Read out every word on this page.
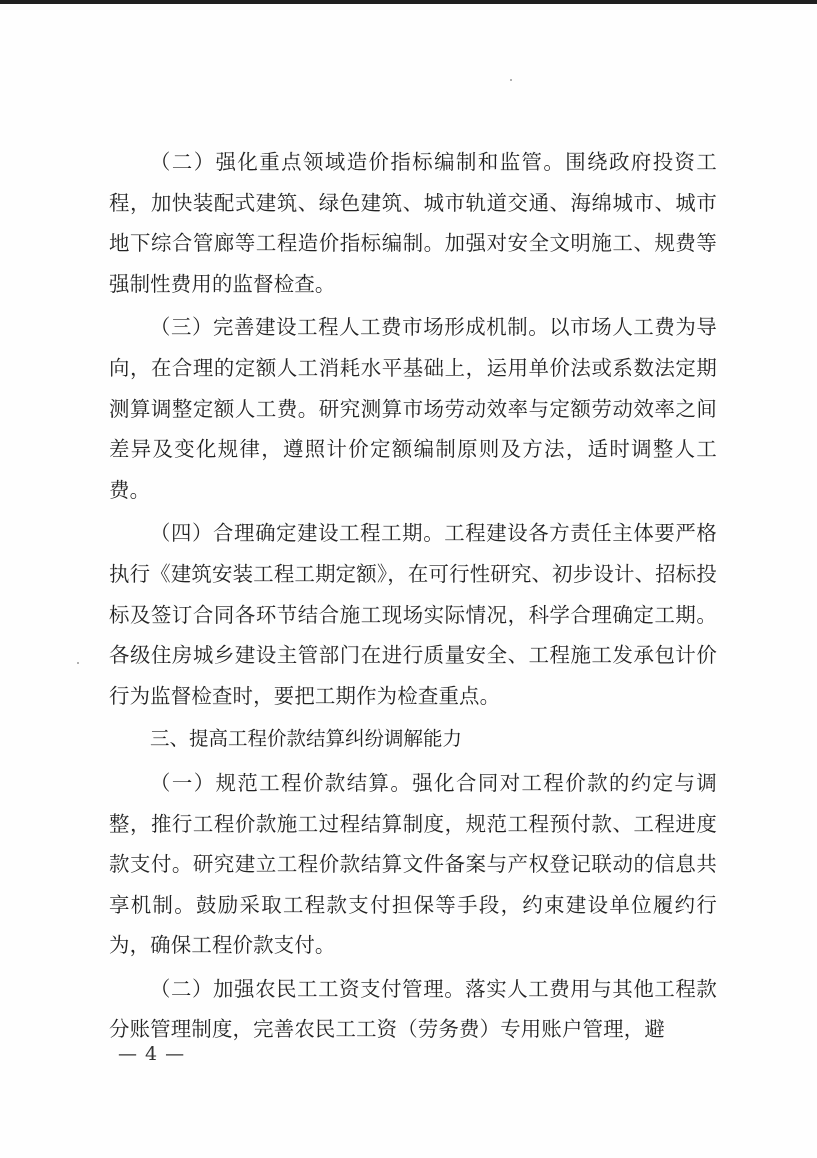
（二）强化重点领域造价指标编制和监管。围绕政府投资工程，加快装配式建筑、绿色建筑、城市轨道交通、海绵城市、城市地下综合管廊等工程造价指标编制。加强对安全文明施工、规费等强制性费用的监督检查。

（三）完善建设工程人工费市场形成机制。以市场人工费为导向，在合理的定额人工消耗水平基础上，运用单价法或系数法定期测算调整定额人工费。研究测算市场劳动效率与定额劳动效率之间差异及变化规律，遵照计价定额编制原则及方法，适时调整人工费。

（四）合理确定建设工程工期。工程建设各方责任主体要严格执行《建筑安装工程工期定额》，在可行性研究、初步设计、招标投标及签订合同各环节结合施工现场实际情况，科学合理确定工期。各级住房城乡建设主管部门在进行质量安全、工程施工发承包计价行为监督检查时，要把工期作为检查重点。

三、提高工程价款结算纠纷调解能力

（一）规范工程价款结算。强化合同对工程价款的约定与调整，推行工程价款施工过程结算制度，规范工程预付款、工程进度款支付。研究建立工程价款结算文件备案与产权登记联动的信息共享机制。鼓励采取工程款支付担保等手段，约束建设单位履约行为，确保工程价款支付。

（二）加强农民工工资支付管理。落实人工费用与其他工程款分账管理制度，完善农民工工资（劳务费）专用账户管理，避

— 4 —
